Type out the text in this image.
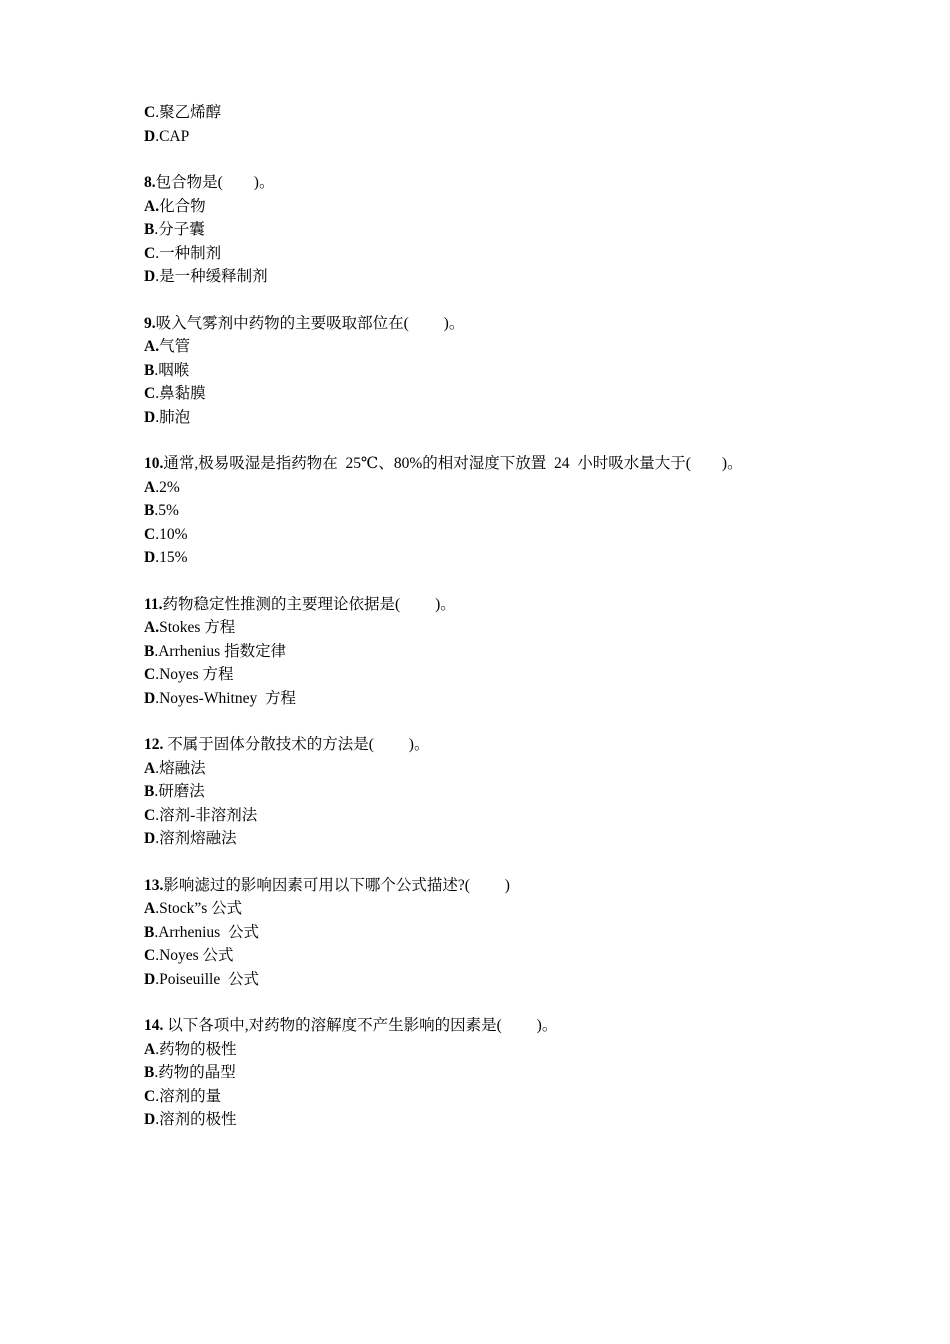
C.聚乙烯醇
D.CAP
8.包合物是(        )。
A.化合物
B.分子囊
C.一种制剂
D.是一种缓释制剂
9.吸入气雾剂中药物的主要吸取部位在(         )。
A.气管
B.咽喉
C.鼻黏膜
D.肺泡
10.通常,极易吸湿是指药物在  25℃、80%的相对湿度下放置  24  小时吸水量大于(        )。
A.2%
B.5%
C.10%
D.15%
11.药物稳定性推测的主要理论依据是(         )。
A.Stokes 方程
B.Arrhenius 指数定律
C.Noyes 方程
D.Noyes-Whitney  方程
12. 不属于固体分散技术的方法是(         )。
A.熔融法
B.研磨法
C.溶剂-非溶剂法
D.溶剂熔融法
13.影响滤过的影响因素可用以下哪个公式描述?(         )
A.Stock”s 公式
B.Arrhenius  公式
C.Noyes 公式
D.Poiseuille  公式
14. 以下各项中,对药物的溶解度不产生影响的因素是(         )。
A.药物的极性
B.药物的晶型
C.溶剂的量
D.溶剂的极性
